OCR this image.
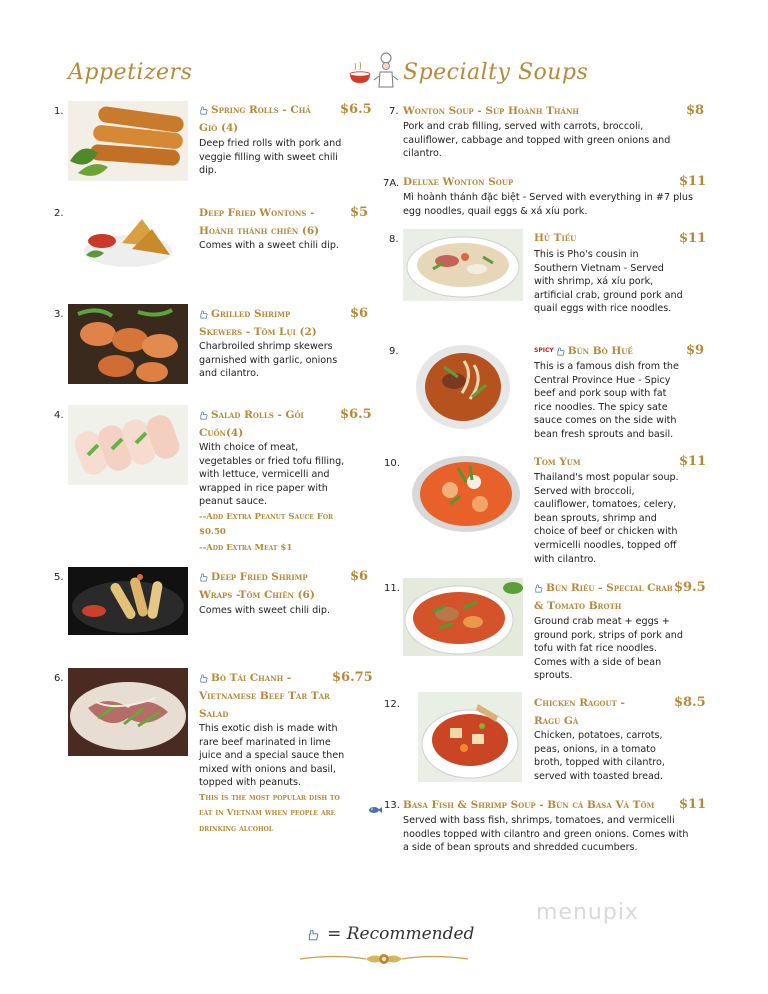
Appetizers	Specialty Soups
1.	Spring Rolls - Chả Giò (4)
$6.5
Deep fried rolls with pork and veggie filling with sweet chili dip.
2.	Deep Fried Wontons - Hoành thánh chiên (6)
$5
Comes with a sweet chili dip.
3.	Grilled Shrimp Skewers - Tôm Lụi (2)
$6
Charbroiled shrimp skewers garnished with garlic, onions and cilantro.
4.	Salad Rolls - Gỏi Cuốn(4)
$6.5
With choice of meat, vegetables or fried tofu filling, with lettuce, vermicelli and wrapped in rice paper with peanut sauce.
--Add Extra Peanut Sauce For $0.50
--Add Extra Meat $1
5.	Deep Fried Shrimp Wraps -Tôm Chiên (6)
$6
Comes with sweet chili dip.
6.	Bò Tái Chanh - Vietnamese Beef Tar Tar Salad
$6.75
This exotic dish is made with rare beef marinated in lime juice and a special sauce then mixed with onions and basil, topped with peanuts.
This is the most popular dish to eat in Vietnam when people are drinking alcohol
7. Wonton Soup - Súp Hoành Thánh	$8
Pork and crab filling, served with carrots, broccoli, cauliflower, cabbage and topped with green onions and cilantro.
7A. Deluxe Wonton Soup	$11
Mì hoành thánh đặc biệt - Served with everything in #7 plus egg noodles, quail eggs & xá xíu pork.
8.	Hủ Tiếu	$11
This is Pho's cousin in Southern Vietnam - Served with shrimp, xá xíu pork, artificial crab, ground pork and quail eggs with rice noodles.
9.	SPICY Bún Bò Huế	$9
This is a famous dish from the Central Province Hue - Spicy beef and pork soup with fat rice noodles. The spicy sate sauce comes on the side with bean fresh sprouts and basil.
10.	Tom Yum	$11
Thailand's most popular soup. Served with broccoli, cauliflower, tomatoes, celery, bean sprouts, shrimp and choice of beef or chicken with vermicelli noodles, topped off with cilantro.
11.	Bún Riêu - Special Crab & Tomato Broth
$9.5
Ground crab meat + eggs + ground pork, strips of pork and tofu with fat rice noodles. Comes with a side of bean sprouts.
12.	Chicken Ragout - Ragu Gà
$8.5
Chicken, potatoes, carrots, peas, onions, in a tomato broth, topped with cilantro, served with toasted bread.
13. Basa Fish & Shrimp Soup - Bún cá Basa Và Tôm	$11
Served with bass fish, shrimps, tomatoes, and vermicelli noodles topped with cilantro and green onions. Comes with a side of bean sprouts and shredded cucumbers.
menupix
= Recommended
